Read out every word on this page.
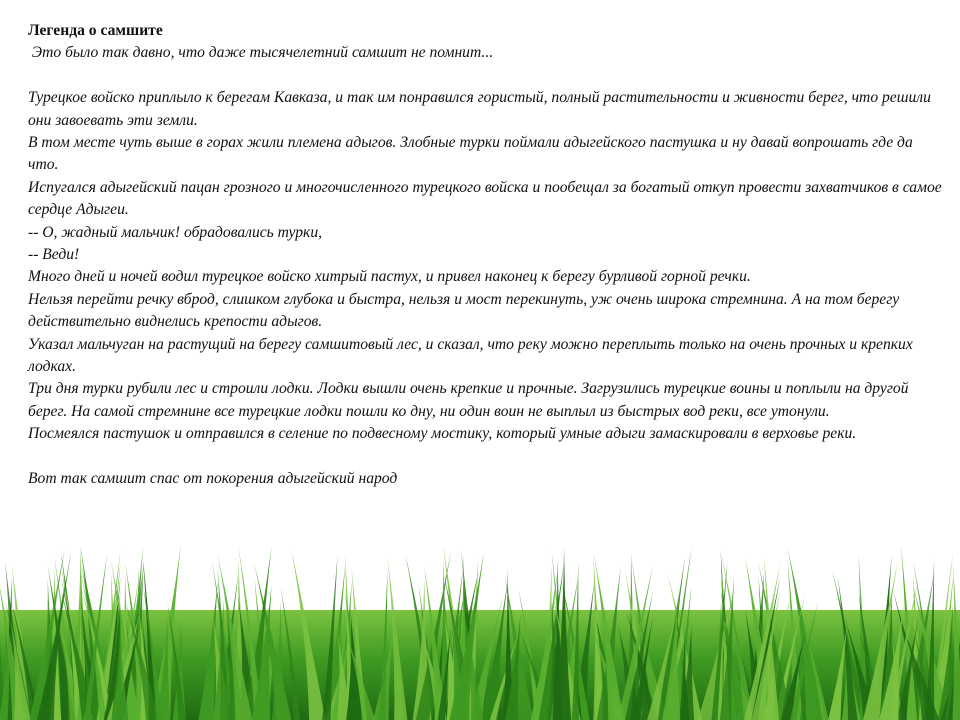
Легенда о самшите

Это было так давно, что даже тысячелетний самшит не помнит...

Турецкое войско приплыло к берегам Кавказа, и так им понравился гористый, полный растительности и живности берег, что решили они завоевать эти земли.

В том месте чуть выше в горах жили племена адыгов. Злобные турки поймали адыгейского пастушка и ну давай вопрошать где да что.

Испугался адыгейский пацан грозного и многочисленного турецкого войска и пообещал за богатый откуп провести захватчиков в самое сердце Адыгеи.

-- О, жадный мальчик! обрадовались турки,

-- Веди!

Много дней и ночей водил турецкое войско хитрый пастух, и привел наконец к берегу бурливой горной речки.

Нельзя перейти речку вброд, слишком глубока и быстра, нельзя и мост перекинуть, уж очень широка стремнина. А на том берегу действительно виднелись крепости адыгов.

Указал мальчуган на растущий на берегу самшитовый лес, и сказал, что реку можно переплыть только на очень прочных и крепких лодках.

Три дня турки рубили лес и строили лодки. Лодки вышли очень крепкие и прочные. Загрузились турецкие воины и поплыли на другой берег. На самой стремнине все турецкие лодки пошли ко дну, ни один воин не выплыл из быстрых вод реки, все утонули.

Посмеялся пастушок и отправился в селение по подвесному мостику, который умные адыги замаскировали в верховье реки.

Вот так самшит спас от покорения адыгейский народ
